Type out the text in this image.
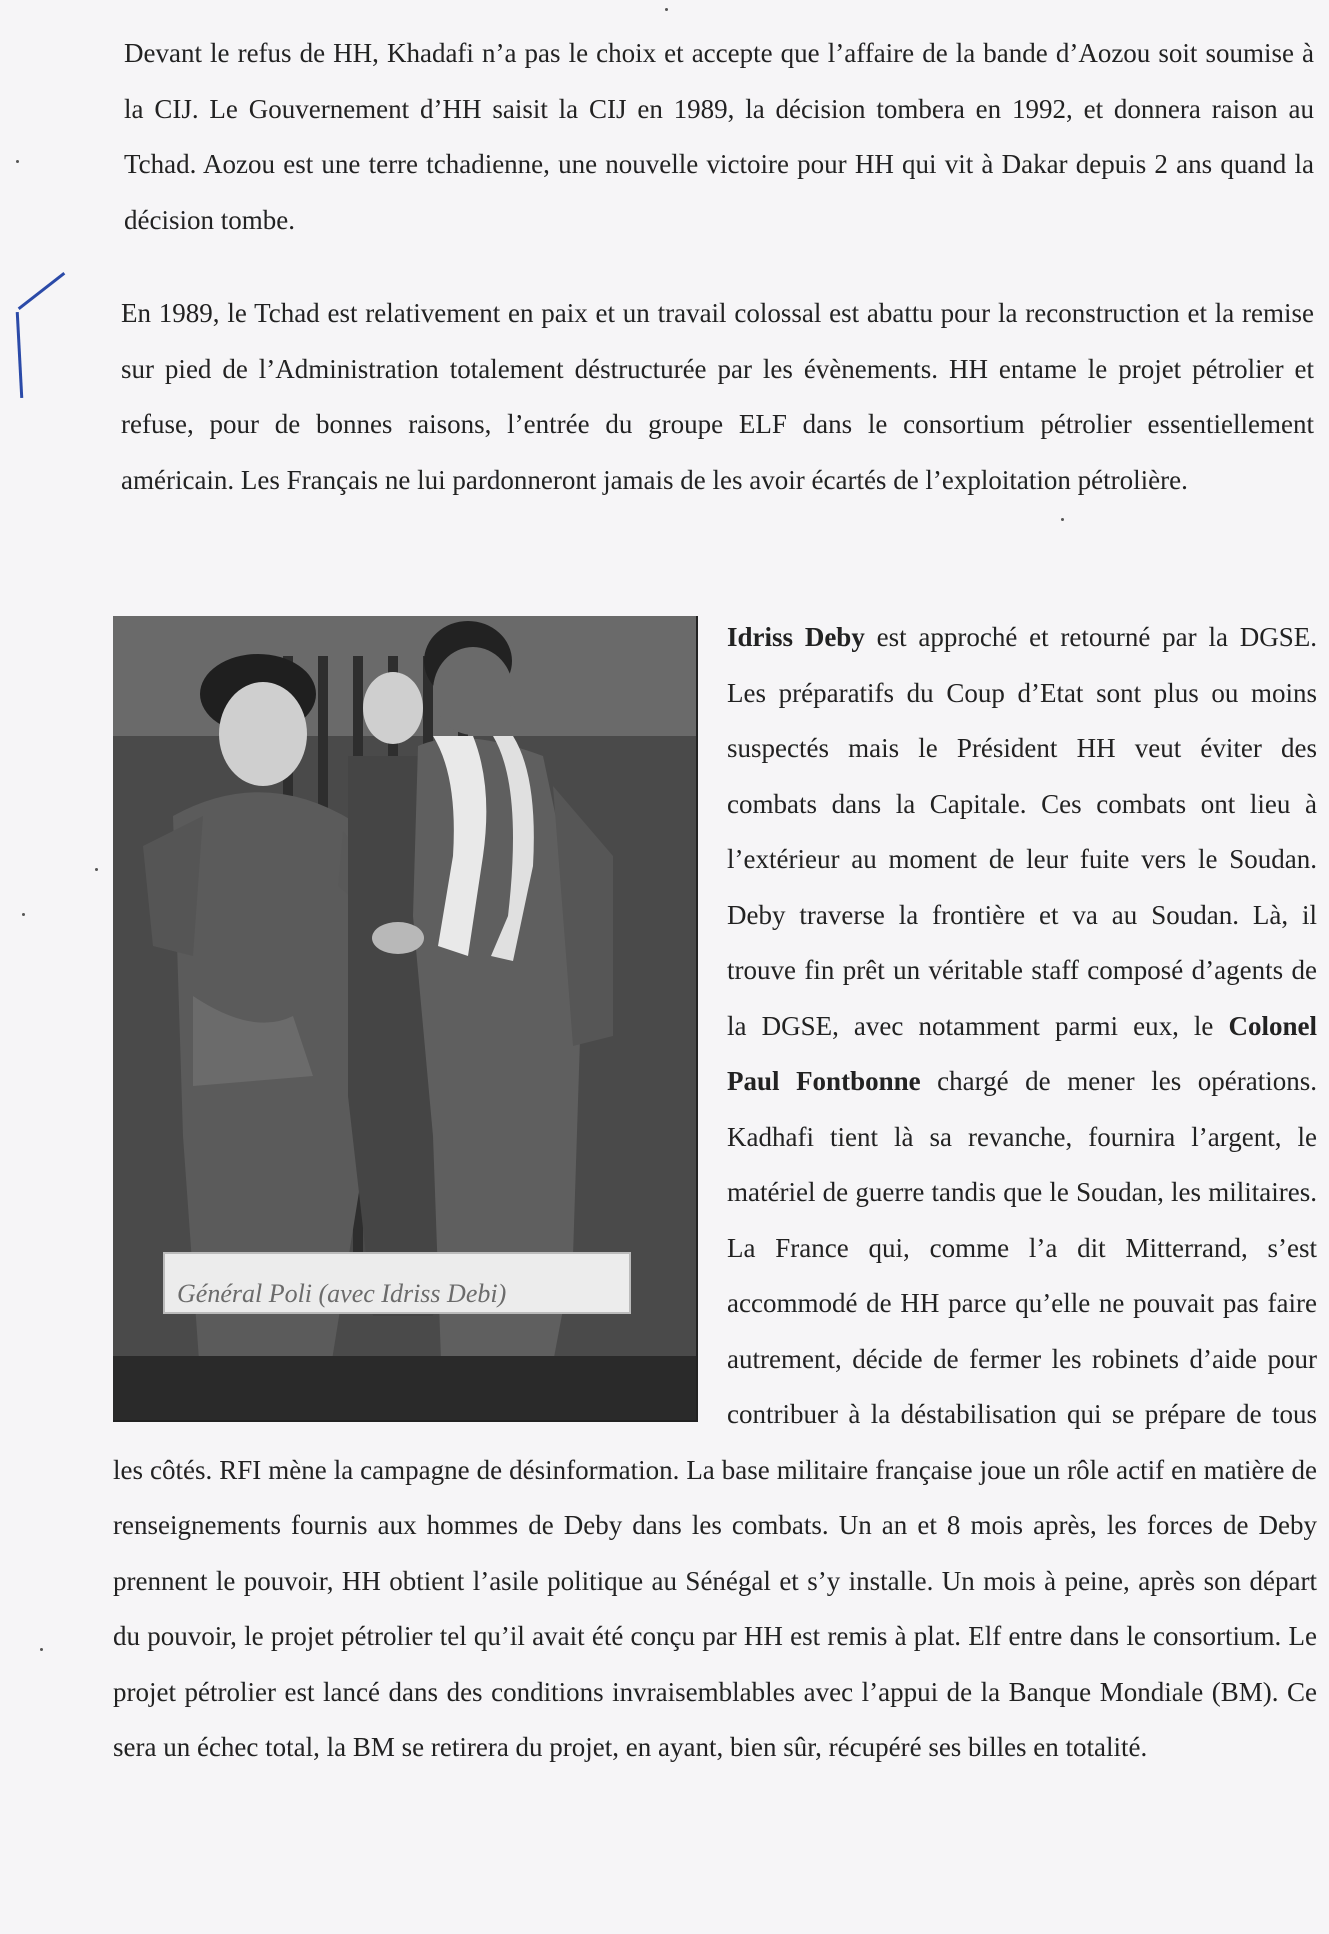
Devant le refus de HH, Khadafi n’a pas le choix et accepte que l’affaire de la bande d’Aozou soit soumise à la CIJ. Le Gouvernement d’HH saisit la CIJ en 1989, la décision tombera en 1992, et donnera raison au Tchad. Aozou est une terre tchadienne, une nouvelle victoire pour HH qui vit à Dakar depuis 2 ans quand la décision tombe.

En 1989, le Tchad est relativement en paix et un travail colossal est abattu pour la reconstruction et la remise sur pied de l’Administration totalement déstructurée par les évènements. HH entame le projet pétrolier et refuse, pour de bonnes raisons, l’entrée du groupe ELF dans le consortium pétrolier essentiellement américain. Les Français ne lui pardonneront jamais de les avoir écartés de l’exploitation pétrolière.

Général Poli (avec Idriss Debi)
Idriss Deby est approché et retourné par la DGSE. Les préparatifs du Coup d’Etat sont plus ou moins suspectés mais le Président HH veut éviter des combats dans la Capitale. Ces combats ont lieu à l’extérieur au moment de leur fuite vers le Soudan. Deby traverse la frontière et va au Soudan. Là, il trouve fin prêt un véritable staff composé d’agents de la DGSE, avec notamment parmi eux, le Colonel Paul Fontbonne chargé de mener les opérations. Kadhafi tient là sa revanche, fournira l’argent, le matériel de guerre tandis que le Soudan, les militaires. La France qui, comme l’a dit Mitterrand, s’est accommodé de HH parce qu’elle ne pouvait pas faire autrement, décide de fermer les robinets d’aide pour contribuer à la déstabilisation qui se prépare de tous les côtés. RFI mène la campagne de désinformation. La base militaire française joue un rôle actif en matière de renseignements fournis aux hommes de Deby dans les combats. Un an et 8 mois après, les forces de Deby prennent le pouvoir, HH obtient l’asile politique au Sénégal et s’y installe. Un mois à peine, après son départ du pouvoir, le projet pétrolier tel qu’il avait été conçu par HH est remis à plat. Elf entre dans le consortium. Le projet pétrolier est lancé dans des conditions invraisemblables avec l’appui de la Banque Mondiale (BM). Ce sera un échec total, la BM se retirera du projet, en ayant, bien sûr, récupéré ses billes en totalité.
